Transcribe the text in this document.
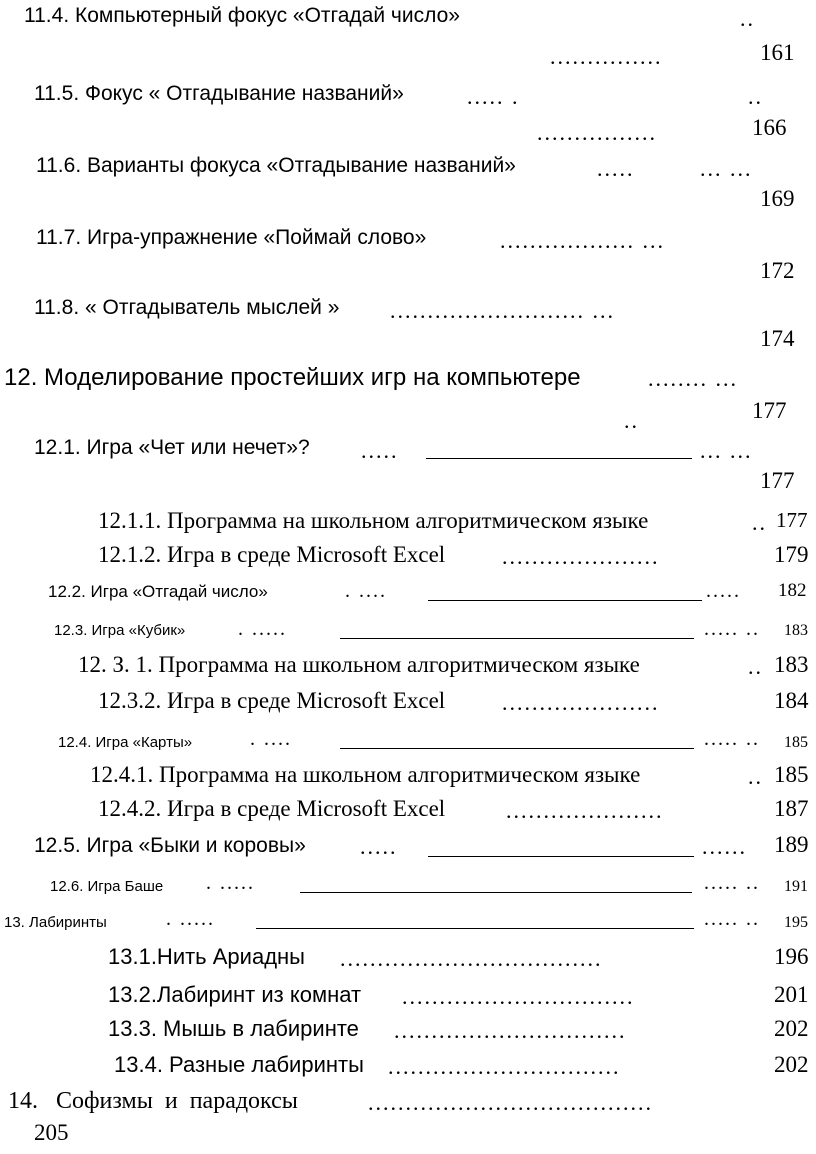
11.4. Компьютерный фокус «Отгадай число»	..
...............	161
11.5. Фокус « Отгадывание названий»	..... .	..
................	166
11.6. Варианты фокуса «Отгадывание названий»	.....	... ...
169
11.7. Игра-упражнение «Поймай слово»	.................. ...
172
11.8. « Отгадыватель мыслей » .......................... ...
174
12. Моделирование простейших игр на компьютере	........ ...
..	177
12.1. Игра «Чет или нечет»? .....	... ...
177
12.1.1. Программа на школьном алгоритмическом языке	.. 177
12.1.2. Игра в среде Microsoft Excel	.....................	179
12.2. Игра «Отгадай число»	. ....	..... 182
12.3. Игра «Кубик»	. .....	..... .. 183
12. З. 1. Программа на школьном алгоритмическом языке	.. 183
12.3.2. Игра в среде Microsoft Excel	.....................	184
12.4. Игра «Карты»	. ....	..... .. 185
12.4.1. Программа на школьном алгоритмическом языке	.. 185
12.4.2. Игра в среде Microsoft Excel	.....................	187
12.5. Игра «Быки и коровы» .....	...... 189
12.6. Игра Баше . .....	..... .. 191
13. Лабиринты	. .....	..... .. 195
13.1.Нить Ариадны ...................................	196
13.2.Лабиринт из комнат ...............................	201
13.3. Мышь в лабиринте ...............................	202
13.4. Разные лабиринты ...............................	202
14.   Софизмы  и  парадоксы	......................................
205
